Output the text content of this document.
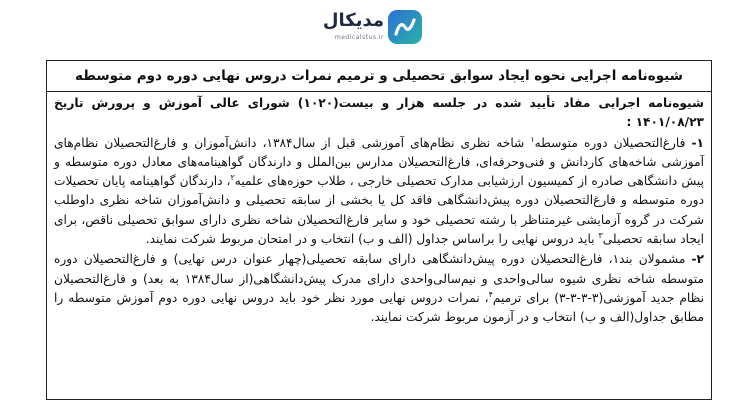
مدیکال
medicalstus.ir
شیوه‌نامه اجرایی نحوه ایجاد سوابق تحصیلی و ترمیم نمرات دروس نهایی دوره دوم متوسطه

شیوه‌نامه اجرایی مفاد تأیید شده در جلسه هزار و بیست(۱۰۲۰) شورای عالی آموزش و پرورش تاریخ ۱۴۰۱/۰۸/۲۳ :

۱- فارغ‌التحصیلان دوره متوسطه$^۱$ شاخه نظری نظام‌های آموزشی قبل از سال۱۳۸۴، دانش‌آموزان و فارغ‌التحصیلان نظام‌های آموزشی شاخه‌های کاردانش و فنی‌وحرفه‌ای، فارغ‌التحصیلان مدارس بین‌الملل و دارندگان گواهینامه‌های معادل دوره متوسطه و پیش دانشگاهی صادره از کمیسیون ارزشیابی مدارک تحصیلی خارجی ، طلاب حوزه‌های علمیه$^۲$، دارندگان گواهینامه پایان تحصیلات دوره متوسطه و فارغ‌التحصیلان دوره پیش‌دانشگاهی فاقد کل یا بخشی از سابقه تحصیلی و دانش‌آموزان شاخه نظری داوطلب شرکت در گروه آزمایشی غیرمتناظر با رشته تحصیلی خود و سایر فارغ‌التحصیلان شاخه نظری دارای سوابق تحصیلی ناقص، برای ایجاد سابقه تحصیلی$^۳$ باید دروس نهایی را براساس جداول (الف و ب) انتخاب و در امتحان مربوط شرکت نمایند.

۲- مشمولان بند۱، فارغ‌التحصیلان دوره پیش‌دانشگاهی دارای سابقه تحصیلی(چهار عنوان درس نهایی) و فارغ‌التحصیلان دوره متوسطه شاخه نظری شیوه سالی‌واحدی و نیم‌سالی‌واحدی دارای مدرک پیش‌دانشگاهی(از سال۱۳۸۴ به بعد) و فارغ‌التحصیلان نظام جدید آموزشی(۳-۳-۳-۳) برای ترمیم$^۴$، نمرات دروس نهایی مورد نظر خود باید دروس نهایی دوره دوم آموزش متوسطه را مطابق جداول(الف و ب) انتخاب و در آزمون مربوط شرکت نمایند.
